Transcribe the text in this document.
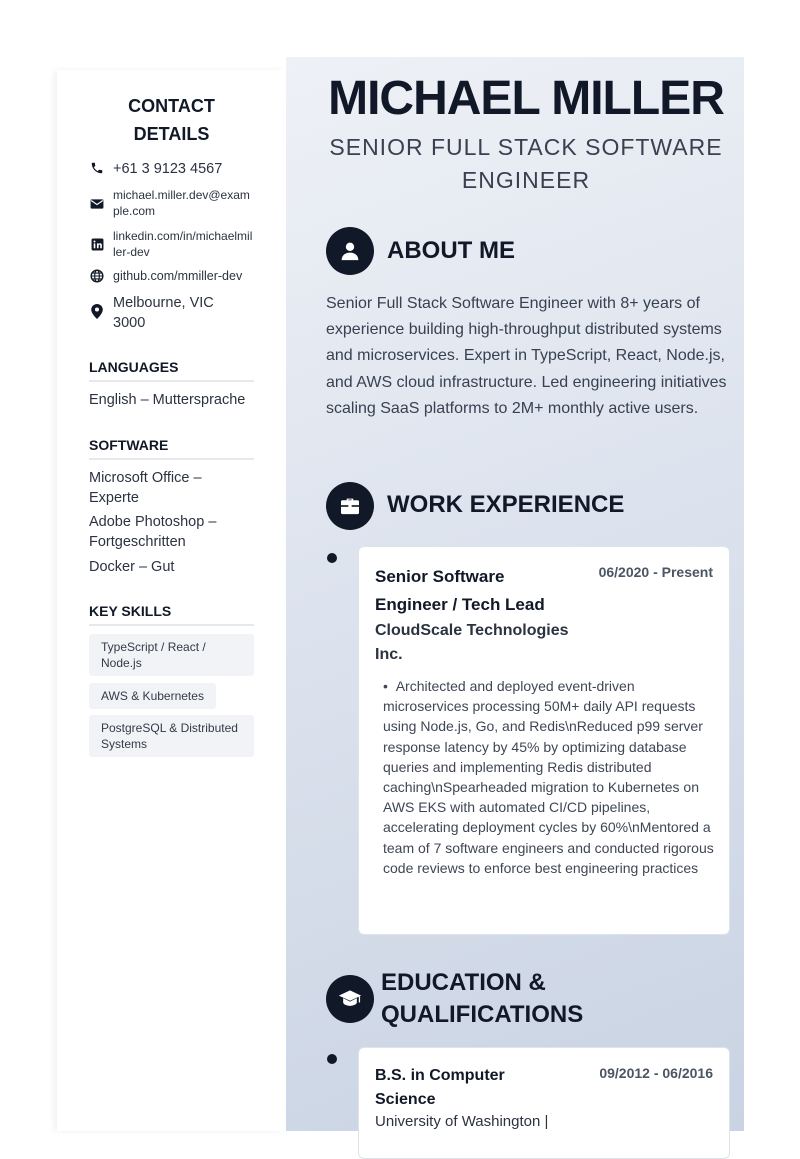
CONTACT DETAILS
+61 3 9123 4567
michael.miller.dev@example.com
linkedin.com/in/michaelmiller-dev
github.com/mmiller-dev
Melbourne, VIC 3000
LANGUAGES
English – Muttersprache
SOFTWARE
Microsoft Office – Experte
Adobe Photoshop – Fortgeschritten
Docker – Gut
KEY SKILLS
TypeScript / React / Node.js
AWS & Kubernetes
PostgreSQL & Distributed Systems
MICHAEL MILLER
SENIOR FULL STACK SOFTWARE ENGINEER
ABOUT ME
Senior Full Stack Software Engineer with 8+ years of experience building high-throughput distributed systems and microservices. Expert in TypeScript, React, Node.js, and AWS cloud infrastructure. Led engineering initiatives scaling SaaS platforms to 2M+ monthly active users.
WORK EXPERIENCE
Senior Software Engineer / Tech Lead
06/2020 - Present
CloudScale Technologies Inc.
•  Architected and deployed event-driven microservices processing 50M+ daily API requests using Node.js, Go, and Redis\nReduced p99 server response latency by 45% by optimizing database queries and implementing Redis distributed caching\nSpearheaded migration to Kubernetes on AWS EKS with automated CI/CD pipelines, accelerating deployment cycles by 60%\nMentored a team of 7 software engineers and conducted rigorous code reviews to enforce best engineering practices
EDUCATION & QUALIFICATIONS
B.S. in Computer Science
09/2012 - 06/2016
University of Washington |
